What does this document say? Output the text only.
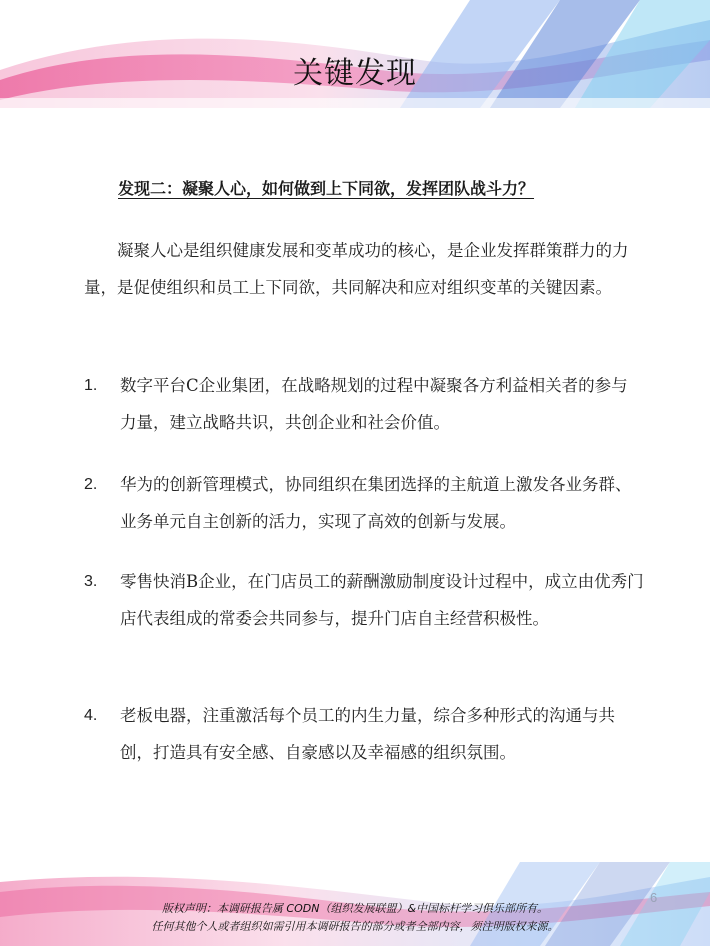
关键发现
发现二：凝聚人心，如何做到上下同欲，发挥团队战斗力？
凝聚人心是组织健康发展和变革成功的核心，是企业发挥群策群力的力量，是促使组织和员工上下同欲，共同解决和应对组织变革的关键因素。
1. 数字平台C企业集团，在战略规划的过程中凝聚各方利益相关者的参与力量，建立战略共识，共创企业和社会价值。
2. 华为的创新管理模式，协同组织在集团选择的主航道上激发各业务群、业务单元自主创新的活力，实现了高效的创新与发展。
3. 零售快消B企业，在门店员工的薪酬激励制度设计过程中，成立由优秀门店代表组成的常委会共同参与，提升门店自主经营积极性。
4. 老板电器，注重激活每个员工的内生力量，综合多种形式的沟通与共创，打造具有安全感、自豪感以及幸福感的组织氛围。
6
版权声明：本调研报告属 CODN（组织发展联盟）&中国标杆学习俱乐部所有。
任何其他个人或者组织如需引用本调研报告的部分或者全部内容，须注明版权来源。
